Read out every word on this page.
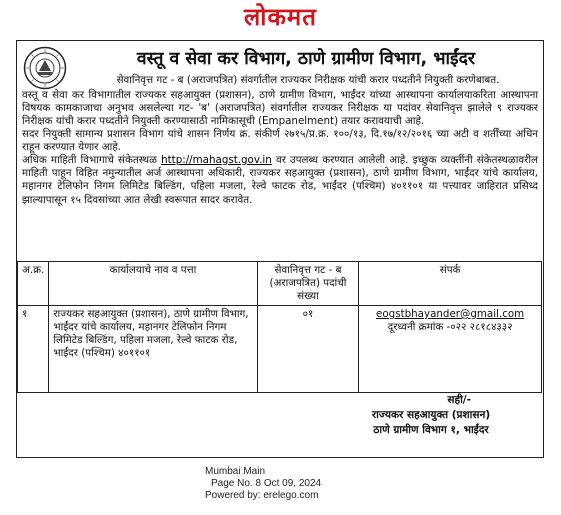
लोकमत
वस्तू व सेवा कर विभाग, ठाणे ग्रामीण विभाग, भाईंदर
सेवानिवृत्त गट - ब (अराजपत्रित) संवर्गातील राज्यकर निरीक्षक यांची करार पध्दतीने नियुक्ती करणेबाबत.

वस्तू व सेवा कर विभागातील राज्यकर सहआयुक्त (प्रशासन), ठाणे ग्रामीण विभाग, भाईंदर यांच्या आस्थापना कार्यालयाकरिता आस्थापना विषयक कामकाजाचा अनुभव असलेल्या गट- 'ब' (अराजपत्रित) संवर्गातील राज्यकर निरीक्षक या पदांवर सेवानिवृत्त झालेले ९ राज्यकर निरीक्षक यांची करार पध्दतीने नियुक्ती करण्यासाठी नामिकासूची (Empanelment) तयार करावयाची आहे.

सदर नियुक्ती सामान्य प्रशासन विभाग यांचे शासन निर्णय क्र. संकीर्ण २७१५/प्र.क्र. १००/१३, दि.१७/१२/२०१६ च्या अटी व शर्तींच्या अधिन राहून करण्यात येणार आहे.

अधिक माहिती विभागाचे संकेतस्थळ http://mahagst.gov.in वर उपलब्ध करण्यात आलेली आहे. इच्छुक व्यक्तींनी संकेतस्थळावरील माहिती पाहून विहित नमुन्यातील अर्ज आस्थापना अधिकारी, राज्यकर सहआयुक्त (प्रशासन), ठाणे ग्रामीण विभाग, भाईंदर यांचे कार्यालय, महानगर टेलिफोन निगम लिमिटेड बिल्डिंग, पहिला मजला, रेल्वे फाटक रोड, भाईंदर (पश्चिम) ४०११०१ या पत्त्यावर जाहिरात प्रसिध्द झाल्यापासून १५ दिवसांच्या आत लेखी स्वरूपात सादर करावेत.

अ.क्र.	कार्यालयाचे नाव व पत्ता	सेवानिवृत्त गट - ब (अराजपत्रित) पदांची संख्या	संपर्क
१	राज्यकर सहआयुक्त (प्रशासन), ठाणे ग्रामीण विभाग, भाईंदर यांचे कार्यालय, महानगर टेलिफोन निगम लिमिटेड बिल्डिंग, पहिला मजला, रेल्वे फाटक रोड, भाईंदर (पश्चिम) ४०११०१	०१	eogstbhayander@gmail.com
दूरध्वनी क्रमांक -०२२ २८१८४३३२
सही/-
राज्यकर सहआयुक्त (प्रशासन)
ठाणे ग्रामीण विभाग १, भाईंदर
Mumbai Main
Page No. 8 Oct 09, 2024
Powered by: erelego.com
